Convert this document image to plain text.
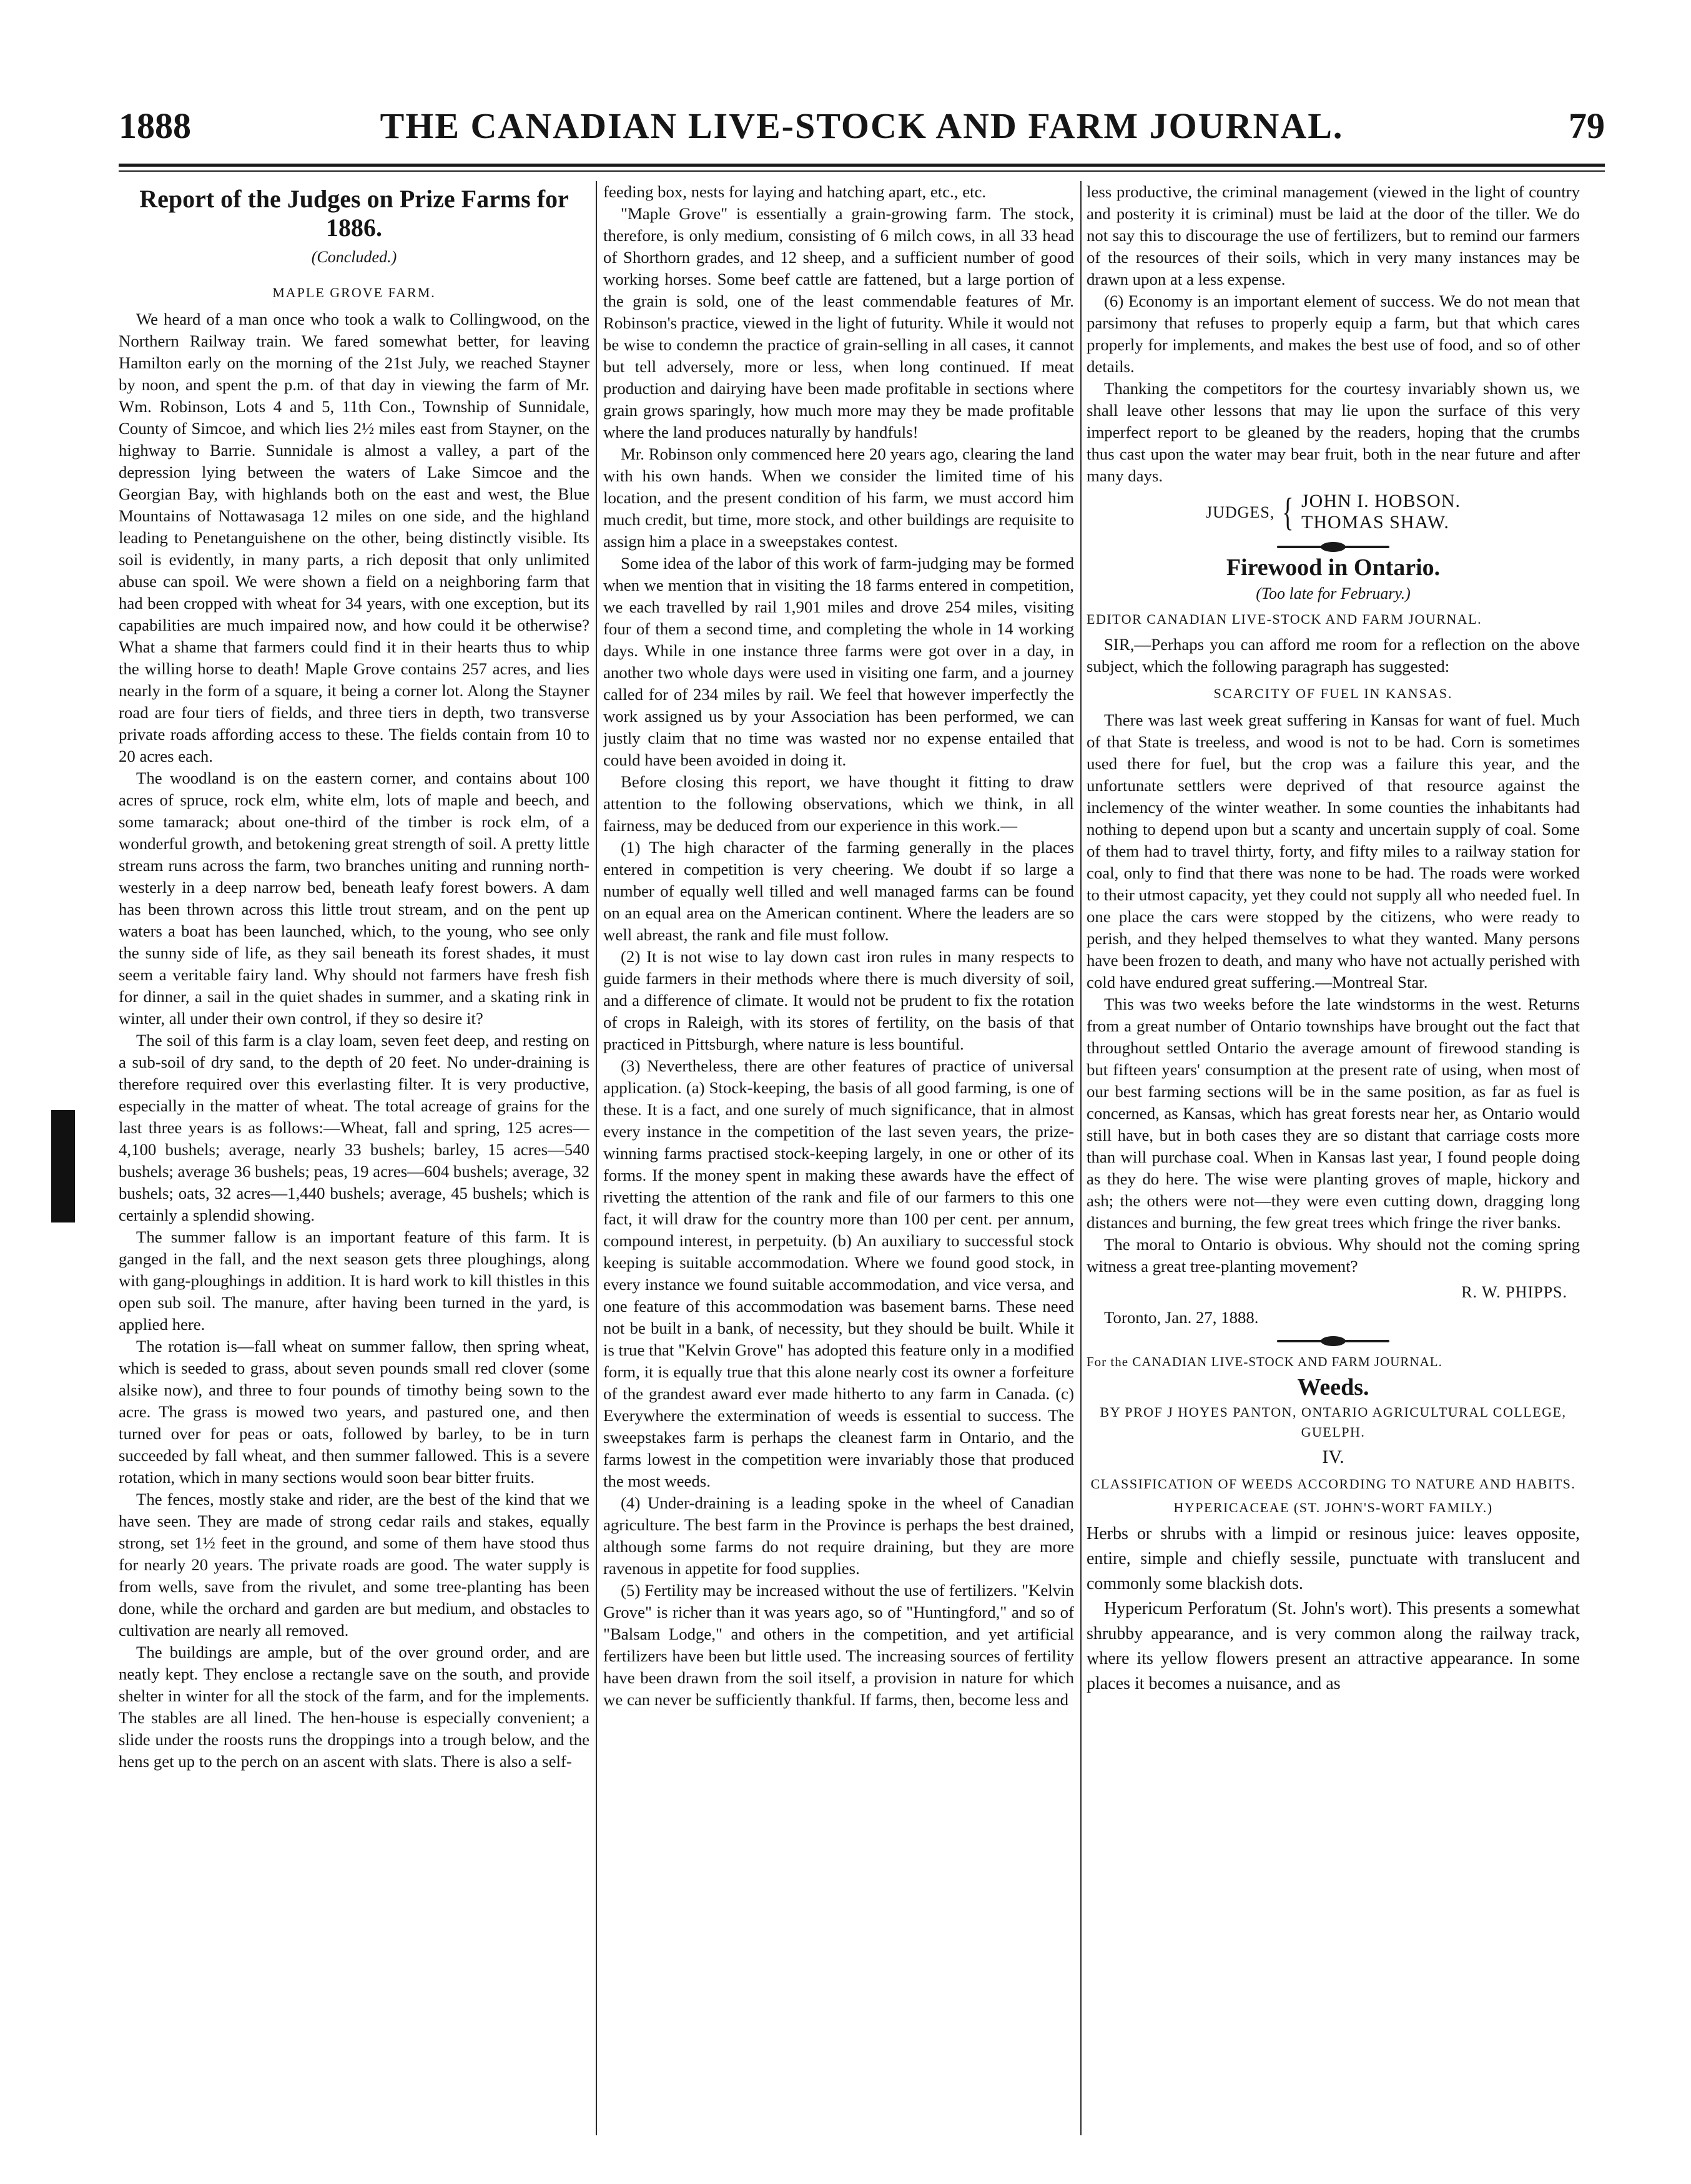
1888	THE CANADIAN LIVE-STOCK AND FARM JOURNAL.	79
Report of the Judges on Prize Farms for 1886.
(Concluded.)
MAPLE GROVE FARM.

We heard of a man once who took a walk to Collingwood, on the Northern Railway train. We fared somewhat better, for leaving Hamilton early on the morning of the 21st July, we reached Stayner by noon, and spent the p.m. of that day in viewing the farm of Mr. Wm. Robinson, Lots 4 and 5, 11th Con., Township of Sunnidale, County of Simcoe, and which lies 2½ miles east from Stayner, on the highway to Barrie. Sunnidale is almost a valley, a part of the depression lying between the waters of Lake Simcoe and the Georgian Bay, with highlands both on the east and west, the Blue Mountains of Nottawasaga 12 miles on one side, and the highland leading to Penetanguishene on the other, being distinctly visible. Its soil is evidently, in many parts, a rich deposit that only unlimited abuse can spoil. We were shown a field on a neighboring farm that had been cropped with wheat for 34 years, with one exception, but its capabilities are much impaired now, and how could it be otherwise? What a shame that farmers could find it in their hearts thus to whip the willing horse to death! Maple Grove contains 257 acres, and lies nearly in the form of a square, it being a corner lot. Along the Stayner road are four tiers of fields, and three tiers in depth, two transverse private roads affording access to these. The fields contain from 10 to 20 acres each.

The woodland is on the eastern corner, and contains about 100 acres of spruce, rock elm, white elm, lots of maple and beech, and some tamarack; about one-third of the timber is rock elm, of a wonderful growth, and betokening great strength of soil. A pretty little stream runs across the farm, two branches uniting and running north-westerly in a deep narrow bed, beneath leafy forest bowers. A dam has been thrown across this little trout stream, and on the pent up waters a boat has been launched, which, to the young, who see only the sunny side of life, as they sail beneath its forest shades, it must seem a veritable fairy land. Why should not farmers have fresh fish for dinner, a sail in the quiet shades in summer, and a skating rink in winter, all under their own control, if they so desire it?

The soil of this farm is a clay loam, seven feet deep, and resting on a sub-soil of dry sand, to the depth of 20 feet. No under-draining is therefore required over this everlasting filter. It is very productive, especially in the matter of wheat. The total acreage of grains for the last three years is as follows:—Wheat, fall and spring, 125 acres—4,100 bushels; average, nearly 33 bushels; barley, 15 acres—540 bushels; average 36 bushels; peas, 19 acres—604 bushels; average, 32 bushels; oats, 32 acres—1,440 bushels; average, 45 bushels; which is certainly a splendid showing.

The summer fallow is an important feature of this farm. It is ganged in the fall, and the next season gets three ploughings, along with gang-ploughings in addition. It is hard work to kill thistles in this open sub soil. The manure, after having been turned in the yard, is applied here.

The rotation is—fall wheat on summer fallow, then spring wheat, which is seeded to grass, about seven pounds small red clover (some alsike now), and three to four pounds of timothy being sown to the acre. The grass is mowed two years, and pastured one, and then turned over for peas or oats, followed by barley, to be in turn succeeded by fall wheat, and then summer fallowed. This is a severe rotation, which in many sections would soon bear bitter fruits.

The fences, mostly stake and rider, are the best of the kind that we have seen. They are made of strong cedar rails and stakes, equally strong, set 1½ feet in the ground, and some of them have stood thus for nearly 20 years. The private roads are good. The water supply is from wells, save from the rivulet, and some tree-planting has been done, while the orchard and garden are but medium, and obstacles to cultivation are nearly all removed.

The buildings are ample, but of the over ground order, and are neatly kept. They enclose a rectangle save on the south, and provide shelter in winter for all the stock of the farm, and for the implements. The stables are all lined. The hen-house is especially convenient; a slide under the roosts runs the droppings into a trough below, and the hens get up to the perch on an ascent with slats. There is also a self-

feeding box, nests for laying and hatching apart, etc., etc.

"Maple Grove" is essentially a grain-growing farm. The stock, therefore, is only medium, consisting of 6 milch cows, in all 33 head of Shorthorn grades, and 12 sheep, and a sufficient number of good working horses. Some beef cattle are fattened, but a large portion of the grain is sold, one of the least commendable features of Mr. Robinson's practice, viewed in the light of futurity. While it would not be wise to condemn the practice of grain-selling in all cases, it cannot but tell adversely, more or less, when long continued. If meat production and dairying have been made profitable in sections where grain grows sparingly, how much more may they be made profitable where the land produces naturally by handfuls!

Mr. Robinson only commenced here 20 years ago, clearing the land with his own hands. When we consider the limited time of his location, and the present condition of his farm, we must accord him much credit, but time, more stock, and other buildings are requisite to assign him a place in a sweepstakes contest.

Some idea of the labor of this work of farm-judging may be formed when we mention that in visiting the 18 farms entered in competition, we each travelled by rail 1,901 miles and drove 254 miles, visiting four of them a second time, and completing the whole in 14 working days. While in one instance three farms were got over in a day, in another two whole days were used in visiting one farm, and a journey called for of 234 miles by rail. We feel that however imperfectly the work assigned us by your Association has been performed, we can justly claim that no time was wasted nor no expense entailed that could have been avoided in doing it.

Before closing this report, we have thought it fitting to draw attention to the following observations, which we think, in all fairness, may be deduced from our experience in this work.—

(1) The high character of the farming generally in the places entered in competition is very cheering. We doubt if so large a number of equally well tilled and well managed farms can be found on an equal area on the American continent. Where the leaders are so well abreast, the rank and file must follow.

(2) It is not wise to lay down cast iron rules in many respects to guide farmers in their methods where there is much diversity of soil, and a difference of climate. It would not be prudent to fix the rotation of crops in Raleigh, with its stores of fertility, on the basis of that practiced in Pittsburgh, where nature is less bountiful.

(3) Nevertheless, there are other features of practice of universal application. (a) Stock-keeping, the basis of all good farming, is one of these. It is a fact, and one surely of much significance, that in almost every instance in the competition of the last seven years, the prize-winning farms practised stock-keeping largely, in one or other of its forms. If the money spent in making these awards have the effect of rivetting the attention of the rank and file of our farmers to this one fact, it will draw for the country more than 100 per cent. per annum, compound interest, in perpetuity. (b) An auxiliary to successful stock keeping is suitable accommodation. Where we found good stock, in every instance we found suitable accommodation, and vice versa, and one feature of this accommodation was basement barns. These need not be built in a bank, of necessity, but they should be built. While it is true that "Kelvin Grove" has adopted this feature only in a modified form, it is equally true that this alone nearly cost its owner a forfeiture of the grandest award ever made hitherto to any farm in Canada. (c) Everywhere the extermination of weeds is essential to success. The sweepstakes farm is perhaps the cleanest farm in Ontario, and the farms lowest in the competition were invariably those that produced the most weeds.

(4) Under-draining is a leading spoke in the wheel of Canadian agriculture. The best farm in the Province is perhaps the best drained, although some farms do not require draining, but they are more ravenous in appetite for food supplies.

(5) Fertility may be increased without the use of fertilizers. "Kelvin Grove" is richer than it was years ago, so of "Huntingford," and so of "Balsam Lodge," and others in the competition, and yet artificial fertilizers have been but little used. The increasing sources of fertility have been drawn from the soil itself, a provision in nature for which we can never be sufficiently thankful. If farms, then, become less and

less productive, the criminal management (viewed in the light of country and posterity it is criminal) must be laid at the door of the tiller. We do not say this to discourage the use of fertilizers, but to remind our farmers of the resources of their soils, which in very many instances may be drawn upon at a less expense.

(6) Economy is an important element of success. We do not mean that parsimony that refuses to properly equip a farm, but that which cares properly for implements, and makes the best use of food, and so of other details.

Thanking the competitors for the courtesy invariably shown us, we shall leave other lessons that may lie upon the surface of this very imperfect report to be gleaned by the readers, hoping that the crumbs thus cast upon the water may bear fruit, both in the near future and after many days.

JUDGES, { JOHN I. HOBSON.
THOMAS SHAW.
Firewood in Ontario.
(Too late for February.)
EDITOR CANADIAN LIVE-STOCK AND FARM JOURNAL.

SIR,—Perhaps you can afford me room for a reflection on the above subject, which the following paragraph has suggested:

SCARCITY OF FUEL IN KANSAS.

There was last week great suffering in Kansas for want of fuel. Much of that State is treeless, and wood is not to be had. Corn is sometimes used there for fuel, but the crop was a failure this year, and the unfortunate settlers were deprived of that resource against the inclemency of the winter weather. In some counties the inhabitants had nothing to depend upon but a scanty and uncertain supply of coal. Some of them had to travel thirty, forty, and fifty miles to a railway station for coal, only to find that there was none to be had. The roads were worked to their utmost capacity, yet they could not supply all who needed fuel. In one place the cars were stopped by the citizens, who were ready to perish, and they helped themselves to what they wanted. Many persons have been frozen to death, and many who have not actually perished with cold have endured great suffering.—Montreal Star.

This was two weeks before the late windstorms in the west. Returns from a great number of Ontario townships have brought out the fact that throughout settled Ontario the average amount of firewood standing is but fifteen years' consumption at the present rate of using, when most of our best farming sections will be in the same position, as far as fuel is concerned, as Kansas, which has great forests near her, as Ontario would still have, but in both cases they are so distant that carriage costs more than will purchase coal. When in Kansas last year, I found people doing as they do here. The wise were planting groves of maple, hickory and ash; the others were not—they were even cutting down, dragging long distances and burning, the few great trees which fringe the river banks.

The moral to Ontario is obvious. Why should not the coming spring witness a great tree-planting movement?

R. W. PHIPPS.
Toronto, Jan. 27, 1888.
For the CANADIAN LIVE-STOCK AND FARM JOURNAL.
Weeds.
BY PROF J HOYES PANTON, ONTARIO AGRICULTURAL COLLEGE, GUELPH.
IV.
CLASSIFICATION OF WEEDS ACCORDING TO NATURE AND HABITS.
HYPERICACEAE (ST. JOHN'S-WORT FAMILY.)

Herbs or shrubs with a limpid or resinous juice: leaves opposite, entire, simple and chiefly sessile, punctuate with translucent and commonly some blackish dots.

Hypericum Perforatum (St. John's wort). This presents a somewhat shrubby appearance, and is very common along the railway track, where its yellow flowers present an attractive appearance. In some places it becomes a nuisance, and as
